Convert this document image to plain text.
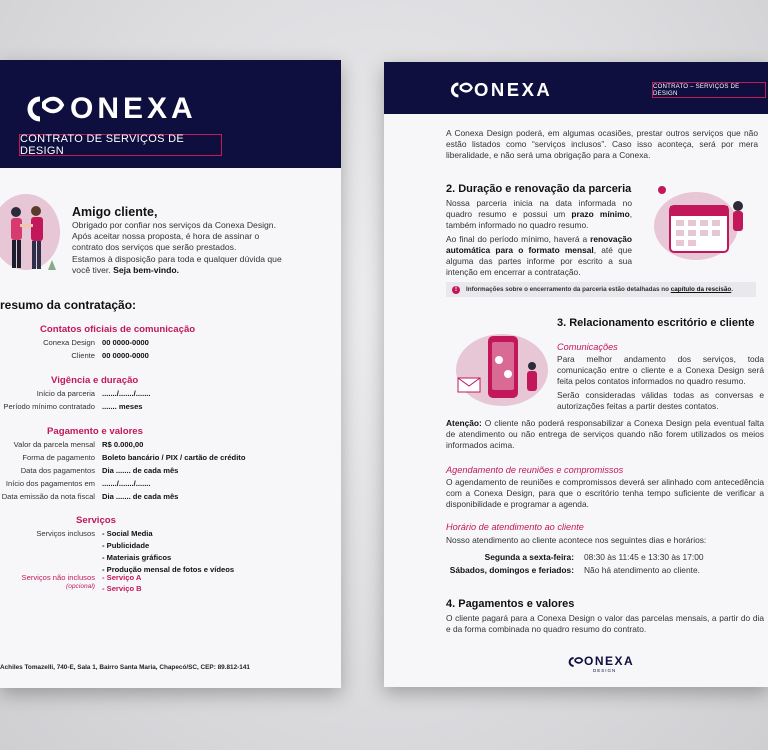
ONEXA
CONTRATO DE SERVIÇOS DE DESIGN
Amigo cliente,
Obrigado por confiar nos serviços da Conexa Design. Após aceitar nossa proposta, é hora de assinar o contrato dos serviços que serão prestados.
Estamos à disposição para toda e qualquer dúvida que você tiver. Seja bem-vindo.
resumo da contratação:
Contatos oficiais de comunicação
Conexa Design 00 0000-0000
Cliente 00 0000-0000
Vigência e duração
Início da parceria ......./......./.......
Período mínimo contratado ....... meses
Pagamento e valores
Valor da parcela mensal R$ 0.000,00
Forma de pagamento Boleto bancário / PIX / cartão de crédito
Data dos pagamentos Dia ....... de cada mês
Início dos pagamentos em ......./......./.......
Data emissão da nota fiscal Dia ....... de cada mês
Serviços
Serviços inclusos - Social Media
- Publicidade
- Materiais gráficos
- Produção mensal de fotos e vídeos
Serviços não inclusos
(opcional)
- Serviço A
- Serviço B
Achiles Tomazelli, 740-E, Sala 1, Bairro Santa Maria, Chapecó/SC, CEP: 89.812-141
ONEXA	CONTRATO – SERVIÇOS DE DESIGN
A Conexa Design poderá, em algumas ocasiões, prestar outros serviços que não estão listados como “serviços inclusos”. Caso isso aconteça, será por mera liberalidade, e não será uma obrigação para a Conexa.
2. Duração e renovação da parceria
Nossa parceria inicia na data informada no quadro resumo e possui um prazo mínimo, também informado no quadro resumo.
Ao final do período mínimo, haverá a renovação automática para o formato mensal, até que alguma das partes informe por escrito a sua intenção em encerrar a contratação.
!	Informações sobre o encerramento da parceria estão detalhadas no
capítulo da rescisão .
3. Relacionamento escritório e cliente
Comunicações
Para melhor andamento dos serviços, toda comunicação entre o cliente e a Conexa Design será feita pelos contatos informados no quadro resumo.
Serão consideradas válidas todas as conversas e autorizações feitas a partir destes contatos.
Atenção: O cliente não poderá responsabilizar a Conexa Design pela eventual falta de atendimento ou não entrega de serviços quando não forem utilizados os meios informados acima.
Agendamento de reuniões e compromissos
O agendamento de reuniões e compromissos deverá ser alinhado com antecedência com a Conexa Design, para que o escritório tenha tempo suficiente de verificar a disponibilidade e programar a agenda.
Horário de atendimento ao cliente
Nosso atendimento ao cliente acontece nos seguintes dias e horários:
Segunda a sexta-feira: 08:30 às 11:45 e 13:30 às 17:00
Sábados, domingos e feriados: Não há atendimento ao cliente.
4. Pagamentos e valores
O cliente pagará para a Conexa Design o valor das parcelas mensais, a partir do dia e da forma combinada no quadro resumo do contrato.
ONEXA
DESIGN
